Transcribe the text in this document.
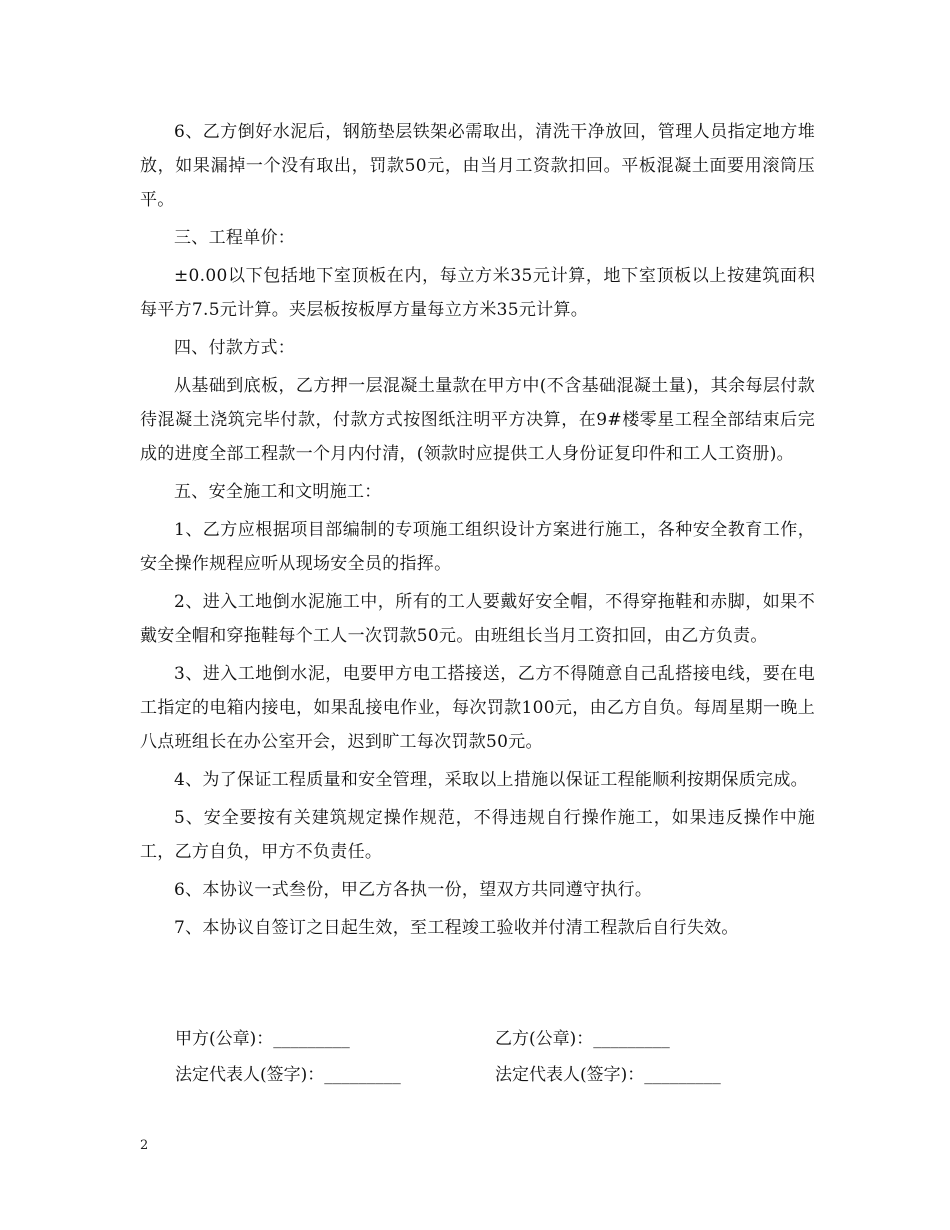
6、乙方倒好水泥后，钢筋垫层铁架必需取出，清洗干净放回，管理人员指定地方堆放，如果漏掉一个没有取出，罚款50元，由当月工资款扣回。平板混凝土面要用滚筒压平。

三、工程单价：

±0.00以下包括地下室顶板在内，每立方米35元计算，地下室顶板以上按建筑面积每平方7.5元计算。夹层板按板厚方量每立方米35元计算。

四、付款方式：

从基础到底板，乙方押一层混凝土量款在甲方中(不含基础混凝土量)，其余每层付款待混凝土浇筑完毕付款，付款方式按图纸注明平方决算，在9#楼零星工程全部结束后完成的进度全部工程款一个月内付清，(领款时应提供工人身份证复印件和工人工资册)。

五、安全施工和文明施工：

1、乙方应根据项目部编制的专项施工组织设计方案进行施工，各种安全教育工作，安全操作规程应听从现场安全员的指挥。

2、进入工地倒水泥施工中，所有的工人要戴好安全帽，不得穿拖鞋和赤脚，如果不戴安全帽和穿拖鞋每个工人一次罚款50元。由班组长当月工资扣回，由乙方负责。

3、进入工地倒水泥，电要甲方电工搭接送，乙方不得随意自己乱搭接电线，要在电工指定的电箱内接电，如果乱接电作业，每次罚款100元，由乙方自负。每周星期一晚上八点班组长在办公室开会，迟到旷工每次罚款50元。

4、为了保证工程质量和安全管理，采取以上措施以保证工程能顺利按期保质完成。

5、安全要按有关建筑规定操作规范，不得违规自行操作施工，如果违反操作中施工，乙方自负，甲方不负责任。

6、本协议一式叁份，甲乙方各执一份，望双方共同遵守执行。

7、本协议自签订之日起生效，至工程竣工验收并付清工程款后自行失效。

甲方(公章)：_________	乙方(公章)：_________
法定代表人(签字)：_________	法定代表人(签字)：_________
2
